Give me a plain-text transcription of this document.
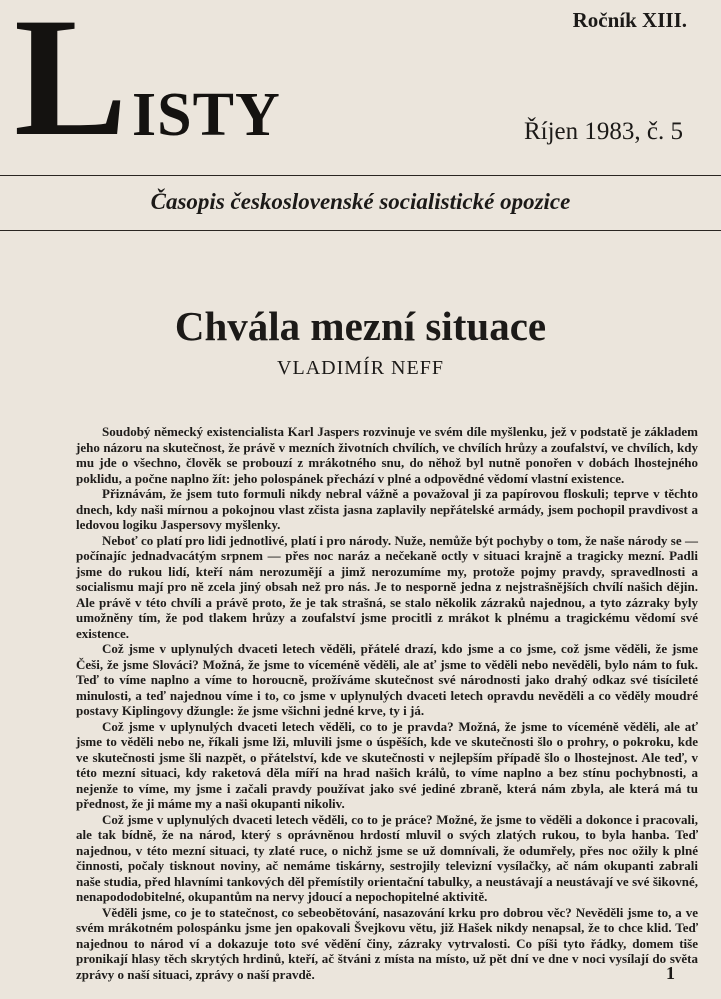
L ISTY
Ročník XIII.
Říjen 1983, č. 5
Časopis československé socialistické opozice
Chvála mezní situace
VLADIMÍR NEFF

Soudobý německý existencialista Karl Jaspers rozvinuje ve svém díle myšlenku, jež v podstatě je základem jeho názoru na skutečnost, že právě v mezních životních chvílích, ve chvílích hrůzy a zoufalství, ve chvílích, kdy mu jde o všechno, člověk se probouzí z mrákotného snu, do něhož byl nutně ponořen v dobách lhostejného poklidu, a počne naplno žít: jeho polospánek přechází v plné a odpovědné vědomí vlastní existence.

Přiznávám, že jsem tuto formuli nikdy nebral vážně a považoval ji za papírovou floskuli; teprve v těchto dnech, kdy naši mírnou a pokojnou vlast zčista jasna zaplavily nepřátelské armády, jsem pochopil pravdivost a ledovou logiku Jaspersovy myšlenky.

Neboť co platí pro lidi jednotlivé, platí i pro národy. Nuže, nemůže být pochyby o tom, že naše národy se — počínajíc jednadvacátým srpnem — přes noc naráz a nečekaně octly v situaci krajně a tragicky mezní. Padli jsme do rukou lidí, kteří nám nerozumějí a jimž nerozumíme my, protože pojmy pravdy, spravedlnosti a socialismu mají pro ně zcela jiný obsah než pro nás. Je to nesporně jedna z nejstrašnějších chvílí našich dějin. Ale právě v této chvíli a právě proto, že je tak strašná, se stalo několik zázraků najednou, a tyto zázraky byly umožněny tím, že pod tlakem hrůzy a zoufalství jsme procitli z mrákot k plnému a tragickému vědomí své existence.

Což jsme v uplynulých dvaceti letech věděli, přátelé drazí, kdo jsme a co jsme, což jsme věděli, že jsme Češi, že jsme Slováci? Možná, že jsme to víceméně věděli, ale ať jsme to věděli nebo nevěděli, bylo nám to fuk. Teď to víme naplno a víme to horoucně, prožíváme skutečnost své národnosti jako drahý odkaz své tisícileté minulosti, a teď najednou víme i to, co jsme v uplynulých dvaceti letech opravdu nevěděli a co věděly moudré postavy Kiplingovy džungle: že jsme všichni jedné krve, ty i já.

Což jsme v uplynulých dvaceti letech věděli, co to je pravda? Možná, že jsme to víceméně věděli, ale ať jsme to věděli nebo ne, říkali jsme lži, mluvili jsme o úspěších, kde ve skutečnosti šlo o prohry, o pokroku, kde ve skutečnosti jsme šli nazpět, o přátelství, kde ve skutečnosti v nejlepším případě šlo o lhostejnost. Ale teď, v této mezní situaci, kdy raketová děla míří na hrad našich králů, to víme naplno a bez stínu pochybnosti, a nejenže to víme, my jsme i začali pravdy používat jako své jediné zbraně, která nám zbyla, ale která má tu přednost, že ji máme my a naši okupanti nikoliv.

Což jsme v uplynulých dvaceti letech věděli, co to je práce? Možné, že jsme to věděli a dokonce i pracovali, ale tak bídně, že na národ, který s oprávněnou hrdostí mluvil o svých zlatých rukou, to byla hanba. Teď najednou, v této mezní situaci, ty zlaté ruce, o nichž jsme se už domnívali, že odumřely, přes noc ožily k plné činnosti, počaly tisknout noviny, ač nemáme tiskárny, sestrojily televizní vysílačky, ač nám okupanti zabrali naše studia, před hlavními tankových děl přemístily orientační tabulky, a neustávají a neustávají ve své šikovné, nenapododobitelné, okupantům na nervy jdoucí a nepochopitelné aktivitě.

Věděli jsme, co je to statečnost, co sebeobětování, nasazování krku pro dobrou věc? Nevěděli jsme to, a ve svém mrákotném polospánku jsme jen opakovali Švejkovu větu, již Hašek nikdy nenapsal, že to chce klid. Teď najednou to národ ví a dokazuje toto své vědění činy, zázraky vytrvalosti. Co píši tyto řádky, domem tiše pronikají hlasy těch skrytých hrdinů, kteří, ač štváni z místa na místo, už pět dní ve dne v noci vysílají do světa zprávy o naší situaci, zprávy o naší pravdě.	1
